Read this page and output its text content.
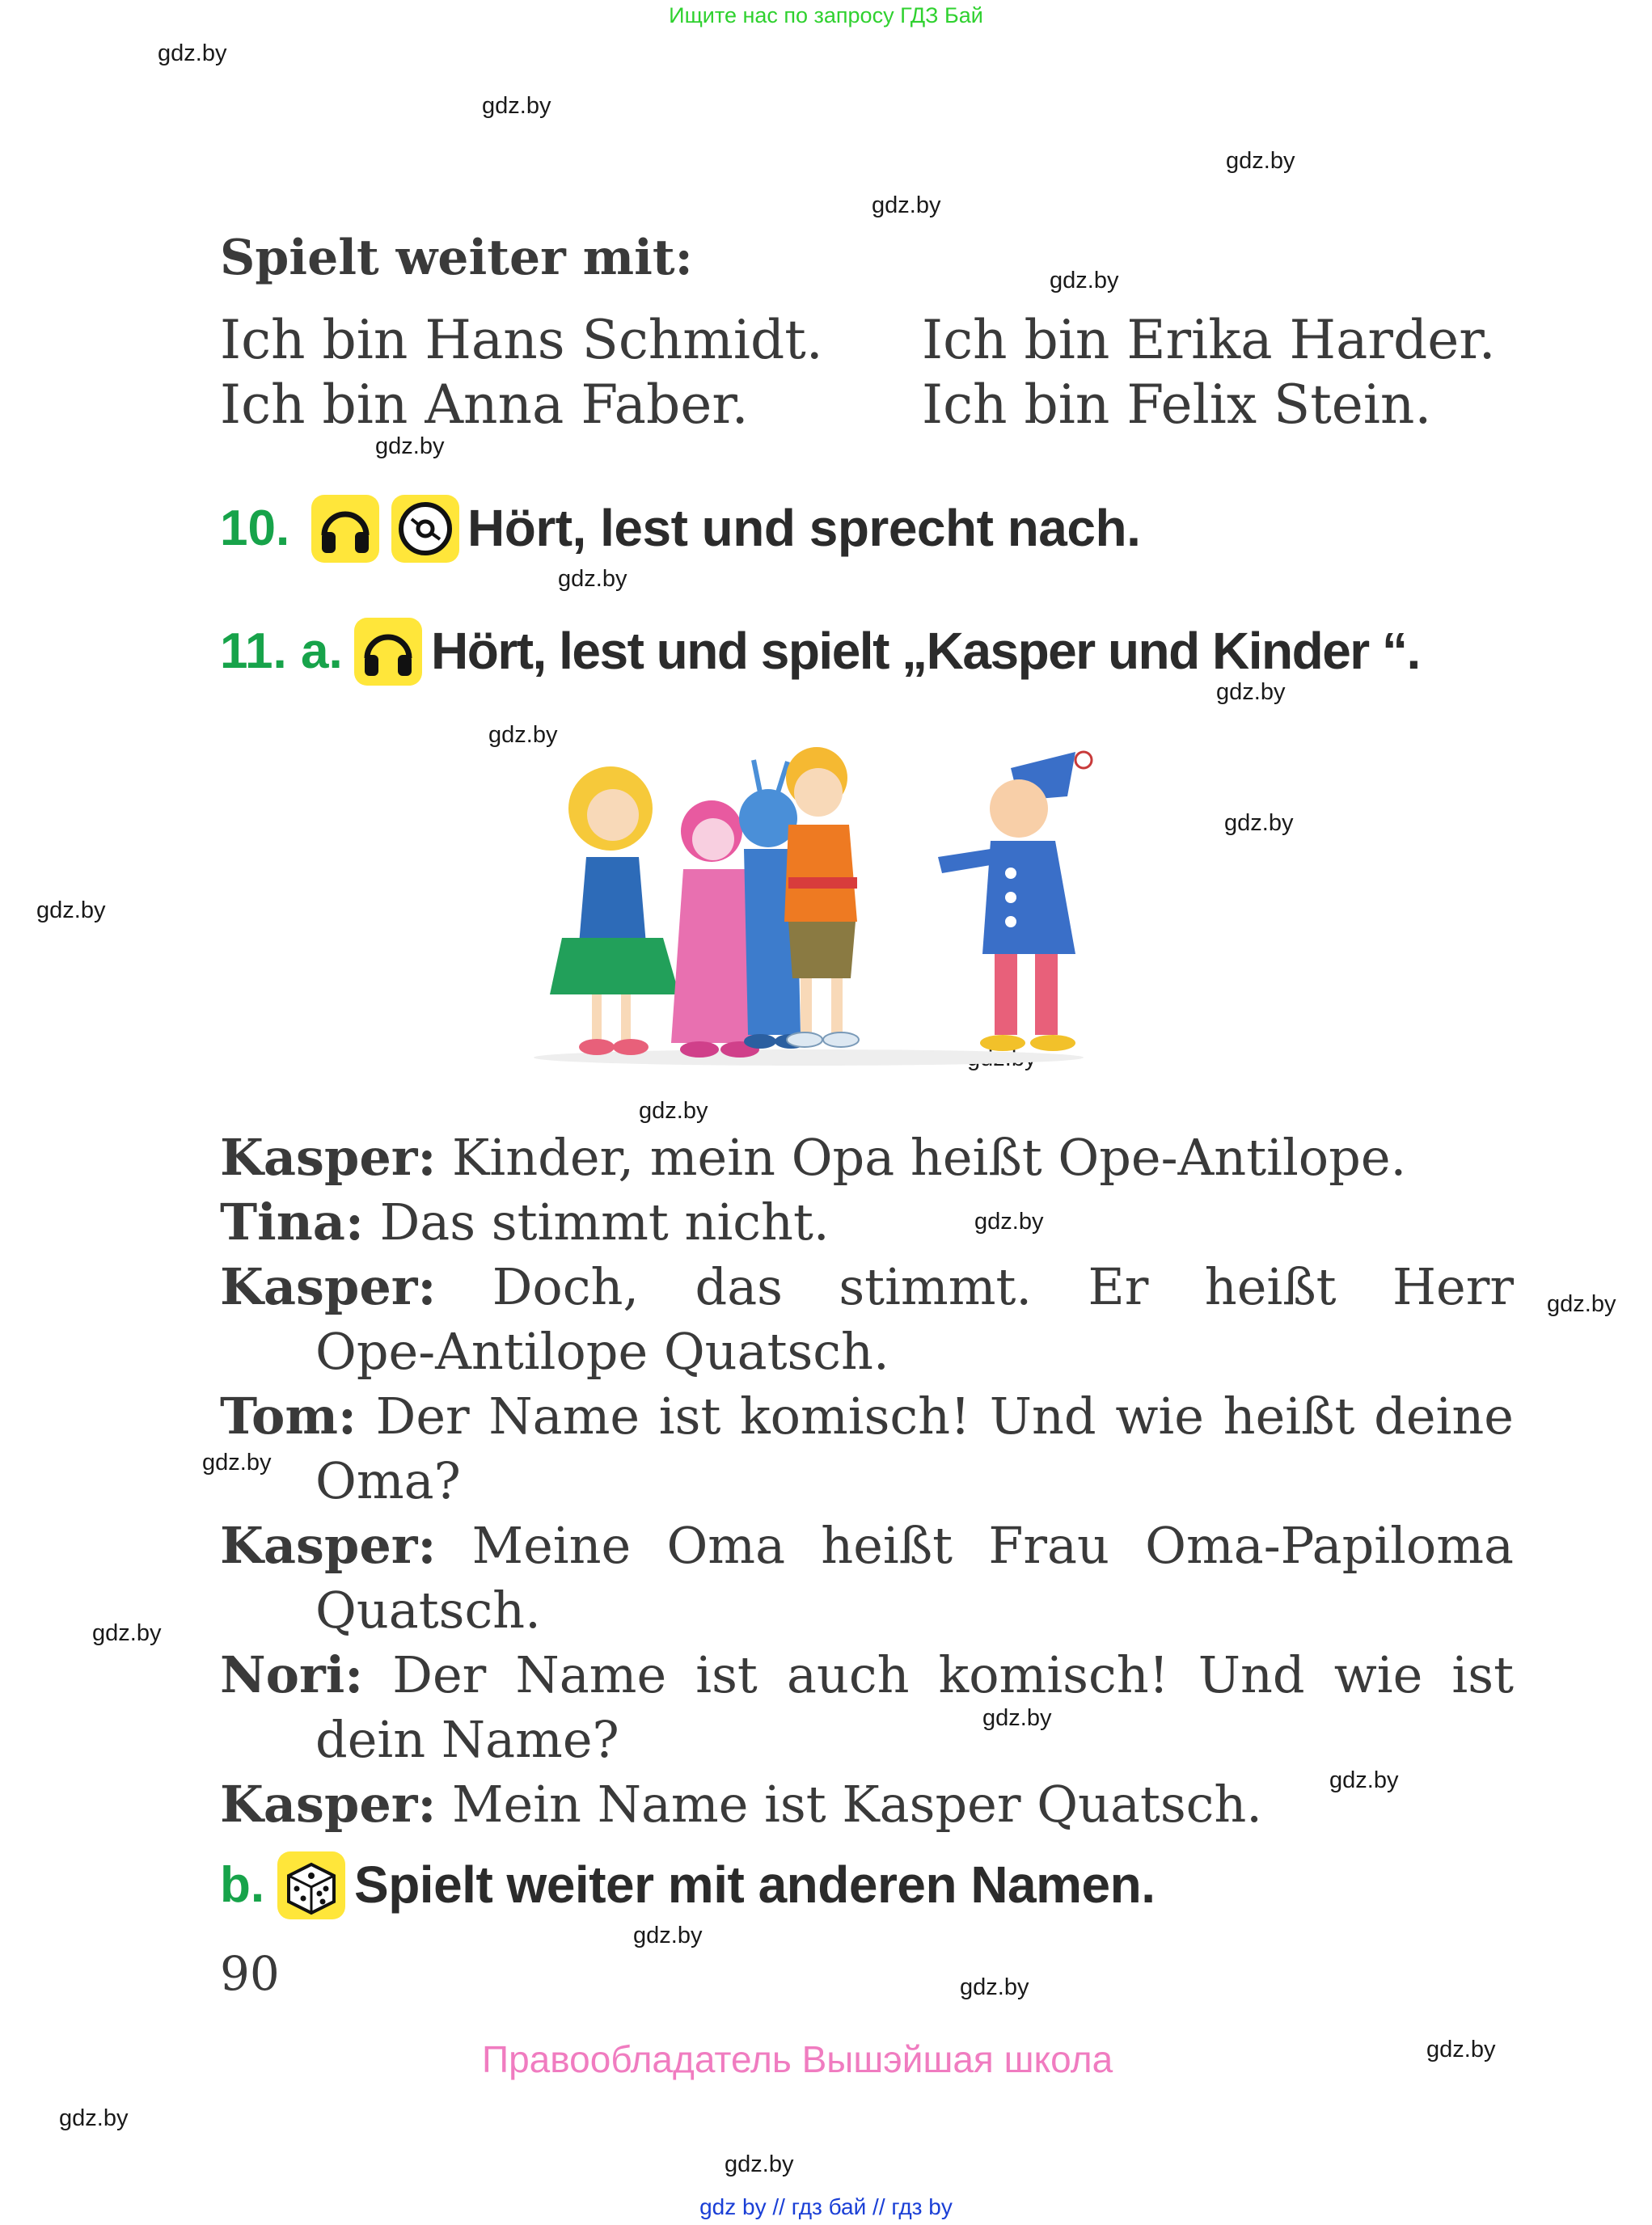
Ищите нас по запросу ГДЗ Бай
gdz.by
gdz.by
gdz.by
gdz.by
gdz.by
gdz.by
gdz.by
gdz.by
gdz.by
gdz.by
gdz.by
gdz.by
gdz.by
gdz.by
gdz.by
gdz.by
gdz.by
gdz.by
gdz.by
gdz.by
gdz.by
gdz.by
gdz.by
Spielt weiter mit:
Ich bin Hans Schmidt.
Ich bin Anna Faber.
Ich bin Erika Harder.
Ich bin Felix Stein.
10.	Hört, lest und sprecht nach.
11. a. Hört, lest und spielt „Kasper und Kinder “.
Kasper: Kinder, mein Opa heißt Ope-Antilope.
Tina: Das stimmt nicht.
Kasper: Doch, das stimmt. Er heißt Herr
Ope-Antilope Quatsch.
Tom: Der Name ist komisch! Und wie heißt deine
Oma?
Kasper: Meine Oma heißt Frau Oma-Papiloma
Quatsch.
Nori: Der Name ist auch komisch! Und wie ist
dein Name?
Kasper: Mein Name ist Kasper Quatsch.
b. Spielt weiter mit anderen Namen.
90
Правообладатель Вышэйшая школа
gdz by // гдз бай // гдз by
